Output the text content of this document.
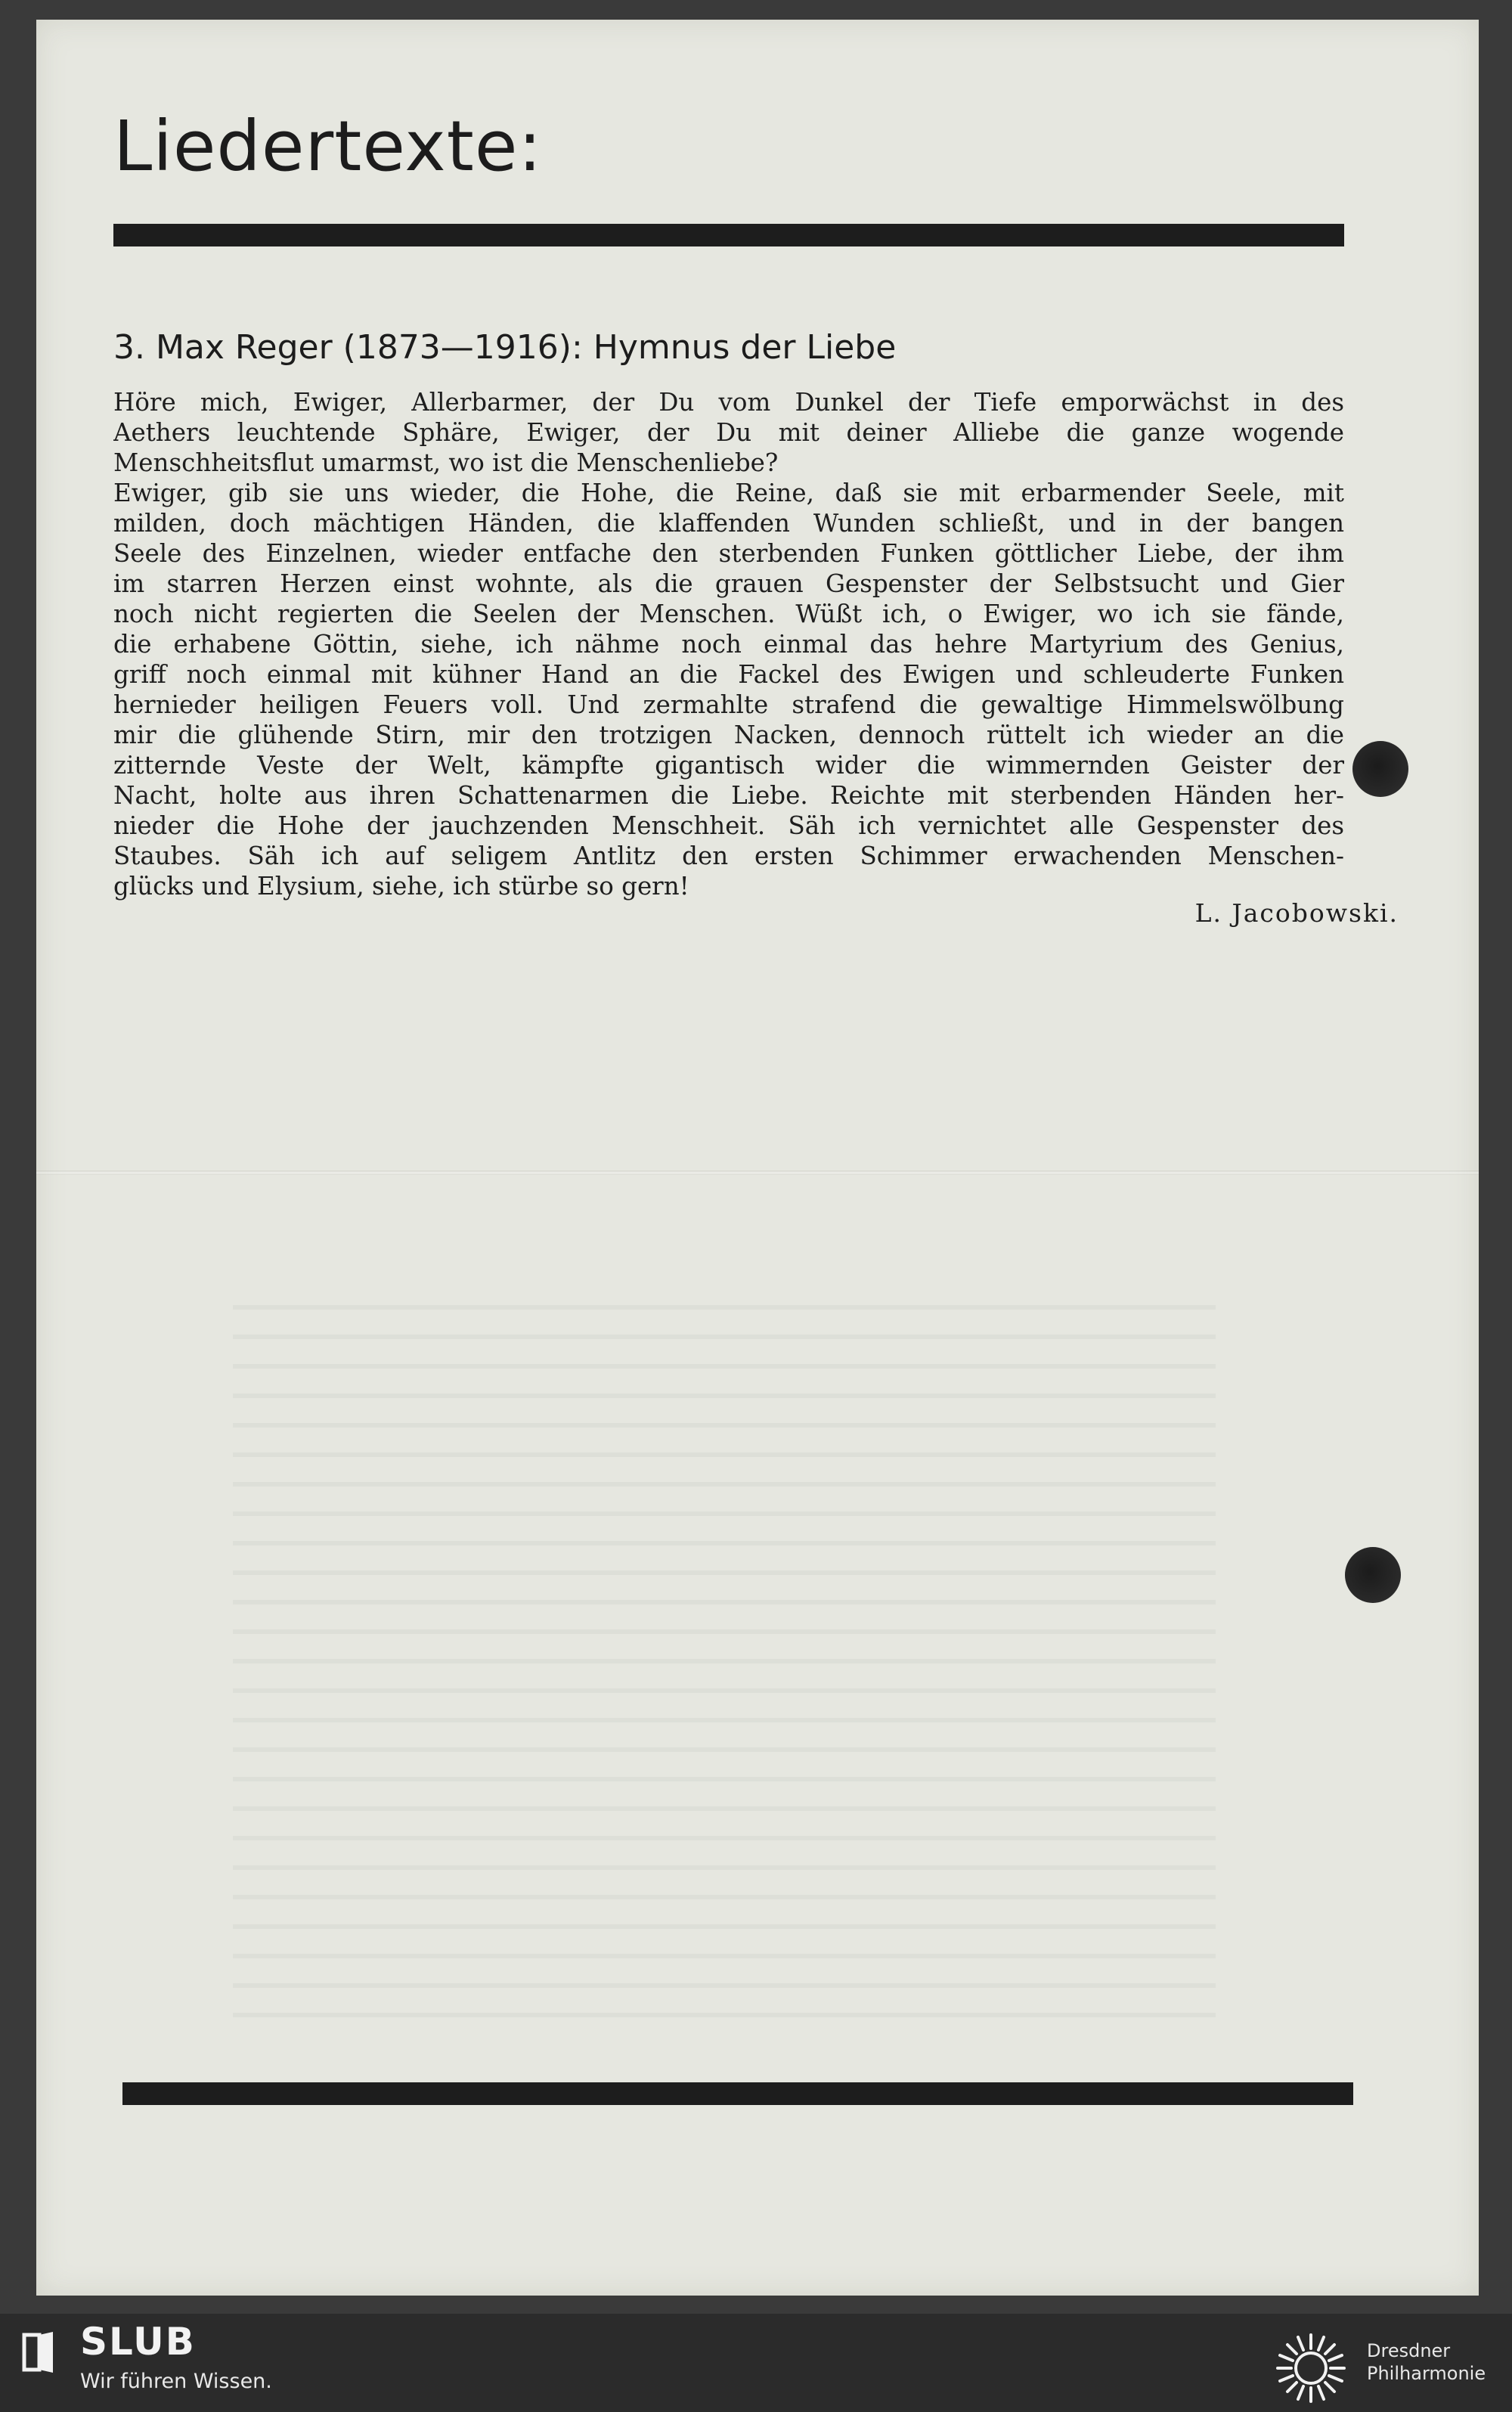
Liedertexte:
3. Max Reger (1873—1916): Hymnus der Liebe
Höre mich, Ewiger, Allerbarmer, der Du vom Dunkel der Tiefe emporwächst in des
Aethers leuchtende Sphäre, Ewiger, der Du mit deiner Alliebe die ganze wogende
Menschheitsflut umarmst, wo ist die Menschenliebe?
Ewiger, gib sie uns wieder, die Hohe, die Reine, daß sie mit erbarmender Seele, mit
milden, doch mächtigen Händen, die klaffenden Wunden schließt, und in der bangen
Seele des Einzelnen, wieder entfache den sterbenden Funken göttlicher Liebe, der ihm
im starren Herzen einst wohnte, als die grauen Gespenster der Selbstsucht und Gier
noch nicht regierten die Seelen der Menschen. Wüßt ich, o Ewiger, wo ich sie fände,
die erhabene Göttin, siehe, ich nähme noch einmal das hehre Martyrium des Genius,
griff noch einmal mit kühner Hand an die Fackel des Ewigen und schleuderte Funken
hernieder heiligen Feuers voll. Und zermahlte strafend die gewaltige Himmelswölbung
mir die glühende Stirn, mir den trotzigen Nacken, dennoch rüttelt ich wieder an die
zitternde Veste der Welt, kämpfte gigantisch wider die wimmernden Geister der
Nacht, holte aus ihren Schattenarmen die Liebe. Reichte mit sterbenden Händen her-
nieder die Hohe der jauchzenden Menschheit. Säh ich vernichtet alle Gespenster des
Staubes. Säh ich auf seligem Antlitz den ersten Schimmer erwachenden Menschen-
glücks und Elysium, siehe, ich stürbe so gern!
L. Jacobowski.
SLUB
Wir führen Wissen.
Dresdner
Philharmonie
